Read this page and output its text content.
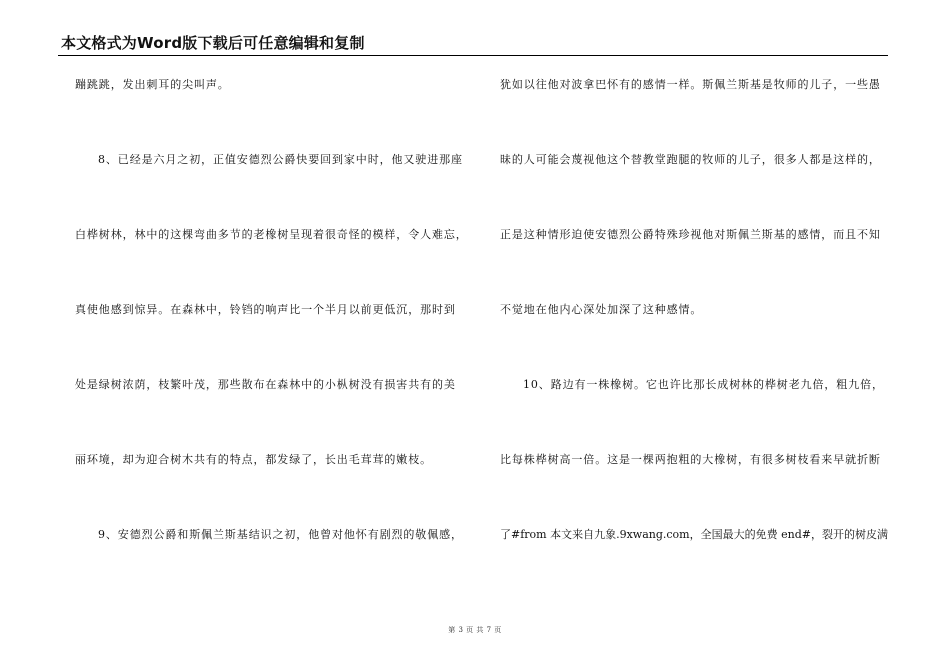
本文格式为Word版下载后可任意编辑和复制
蹦跳跳，发出刺耳的尖叫声。
8、已经是六月之初，正值安德烈公爵快要回到家中时，他又驶进那座
白桦树林，林中的这棵弯曲多节的老橡树呈现着很奇怪的模样，令人难忘，
真使他感到惊异。在森林中，铃铛的响声比一个半月以前更低沉，那时到
处是绿树浓荫，枝繁叶茂，那些散布在森林中的小枞树没有损害共有的美
丽环境，却为迎合树木共有的特点，都发绿了，长出毛茸茸的嫩枝。
9、安德烈公爵和斯佩兰斯基结识之初，他曾对他怀有剧烈的敬佩感，
犹如以往他对波拿巴怀有的感情一样。斯佩兰斯基是牧师的儿子，一些愚
昧的人可能会蔑视他这个替教堂跑腿的牧师的儿子，很多人都是这样的，
正是这种情形迫使安德烈公爵特殊珍视他对斯佩兰斯基的感情，而且不知
不觉地在他内心深处加深了这种感情。
10、路边有一株橡树。它也许比那长成树林的桦树老九倍，粗九倍，
比每株桦树高一倍。这是一棵两抱粗的大橡树，有很多树枝看来早就折断
了#from 本文来自九象.9xwang.com，全国最大的免费 end#，裂开的树皮满
第 3 页 共 7 页
